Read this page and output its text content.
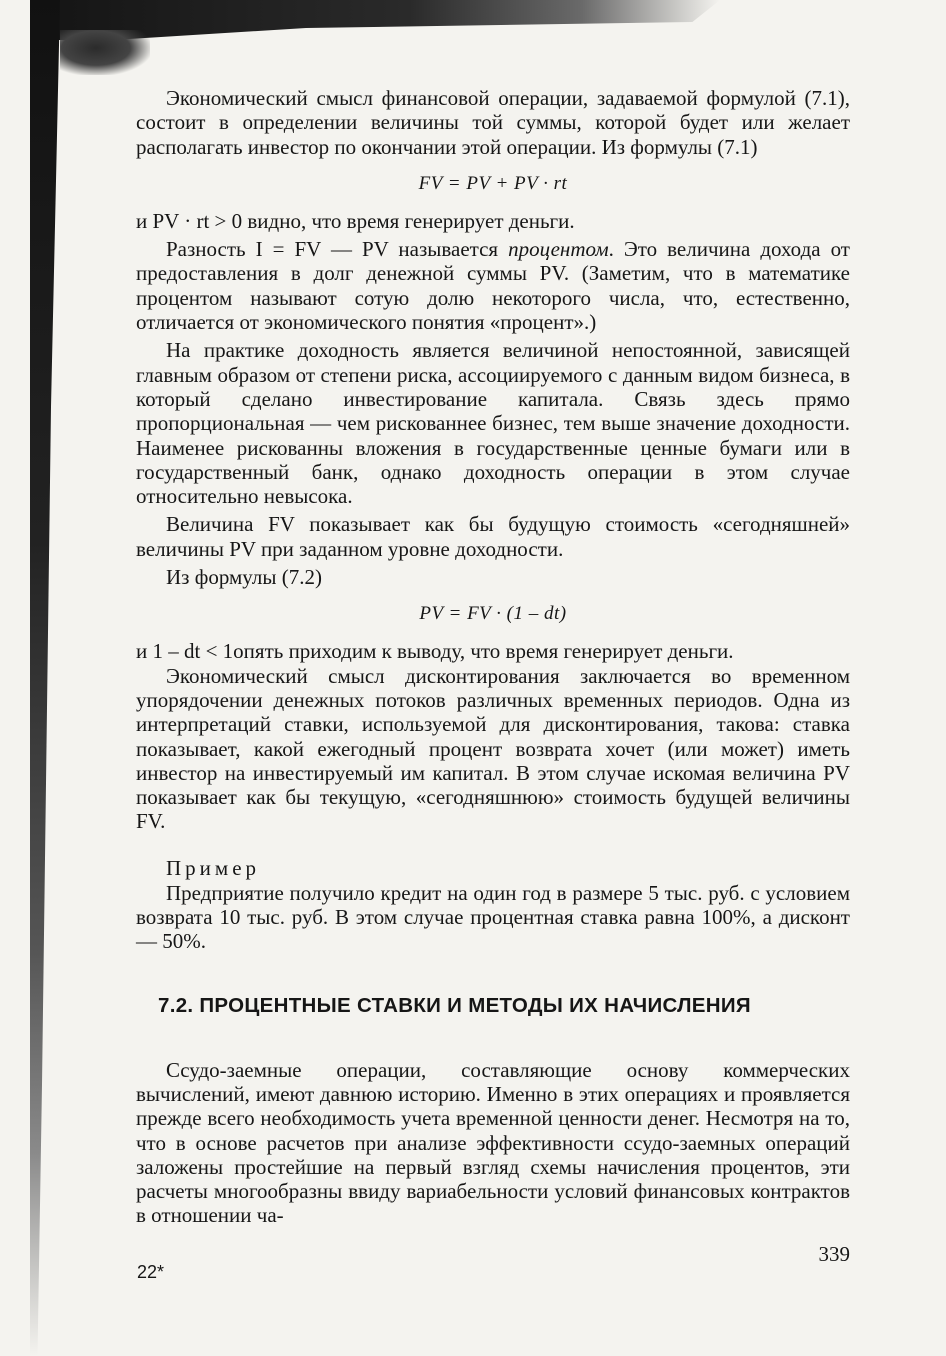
Экономический смысл финансовой операции, задаваемой формулой (7.1), состоит в определении величины той суммы, которой будет или желает располагать инвестор по окончании этой операции. Из формулы (7.1)

FV = PV + PV · rt

и PV · rt > 0 видно, что время генерирует деньги.

Разность I = FV — PV называется процентом. Это величина дохода от предоставления в долг денежной суммы PV. (Заметим, что в математике процентом называют сотую долю некоторого числа, что, естественно, отличается от экономического понятия «процент».)

На практике доходность является величиной непостоянной, зависящей главным образом от степени риска, ассоциируемого с данным видом бизнеса, в который сделано инвестирование капитала. Связь здесь прямо пропорциональная — чем рискованнее бизнес, тем выше значение доходности. Наименее рискованны вложения в государственные ценные бумаги или в государственный банк, однако доходность операции в этом случае относительно невысока.

Величина FV показывает как бы будущую стоимость «сегодняшней» величины PV при заданном уровне доходности.

Из формулы (7.2)

PV = FV · (1 – dt)

и 1 – dt < 1опять приходим к выводу, что время генерирует деньги.

Экономический смысл дисконтирования заключается во временном упорядочении денежных потоков различных временных периодов. Одна из интерпретаций ставки, используемой для дисконтирования, такова: ставка показывает, какой ежегодный процент возврата хочет (или может) иметь инвестор на инвестируемый им капитал. В этом случае искомая величина PV показывает как бы текущую, «сегодняшнюю» стоимость будущей величины FV.

Пример

Предприятие получило кредит на один год в размере 5 тыс. руб. с условием возврата 10 тыс. руб. В этом случае процентная ставка равна 100%, а дисконт — 50%.

7.2. ПРОЦЕНТНЫЕ СТАВКИ И МЕТОДЫ ИХ НАЧИСЛЕНИЯ

Ссудо-заемные операции, составляющие основу коммерческих вычислений, имеют давнюю историю. Именно в этих операциях и проявляется прежде всего необходимость учета временной ценности денег. Несмотря на то, что в основе расчетов при анализе эффективности ссудо-заемных операций заложены простейшие на первый взгляд схемы начисления процентов, эти расчеты многообразны ввиду вариабельности условий финансовых контрактов в отношении ча-

339
22*
